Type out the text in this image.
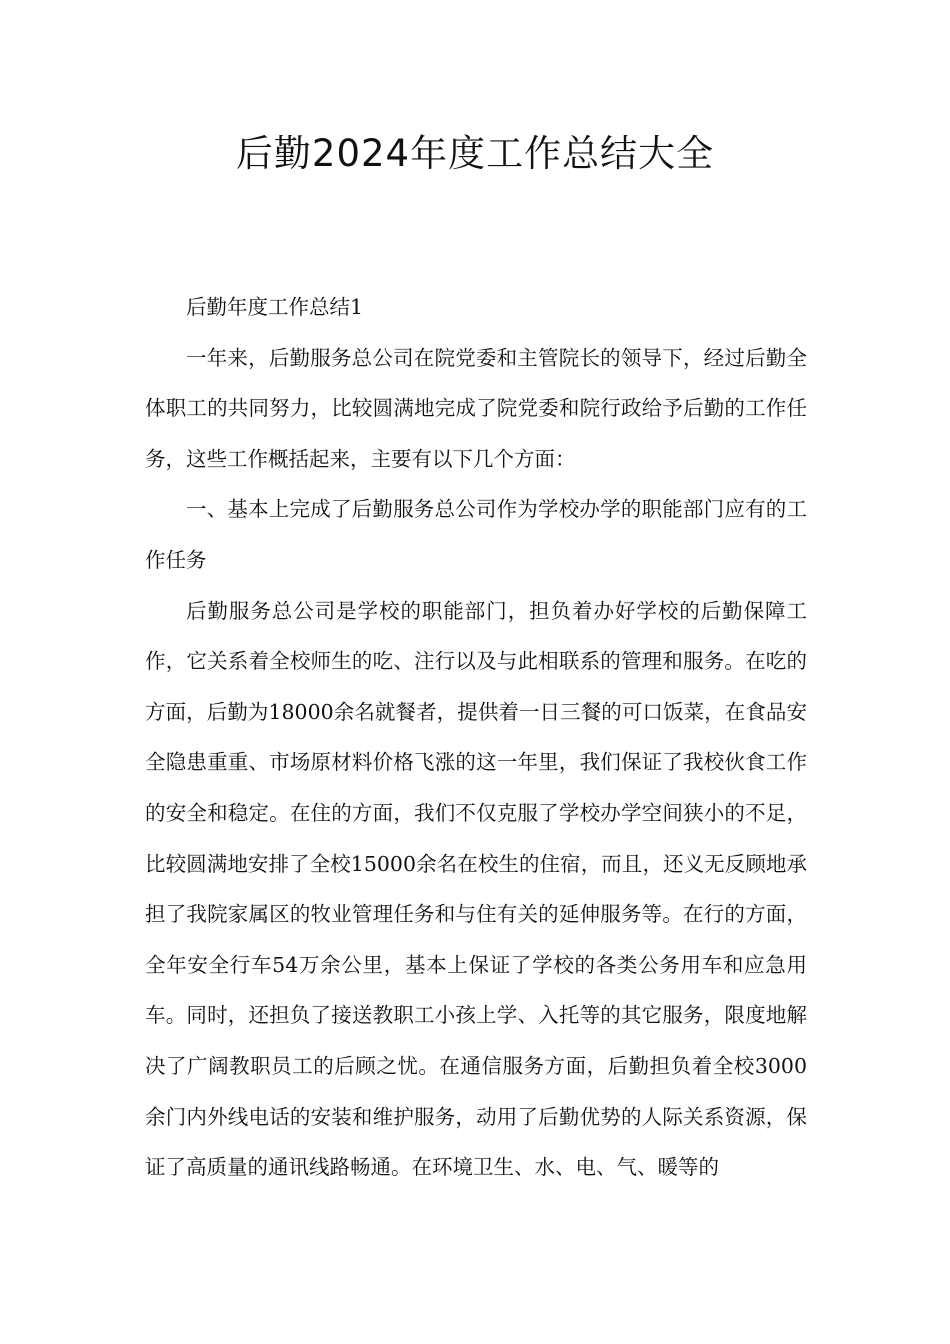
后勤2024年度工作总结大全

后勤年度工作总结1

一年来，后勤服务总公司在院党委和主管院长的领导下，经过后勤全体职工的共同努力，比较圆满地完成了院党委和院行政给予后勤的工作任务，这些工作概括起来，主要有以下几个方面：

一、基本上完成了后勤服务总公司作为学校办学的职能部门应有的工作任务

后勤服务总公司是学校的职能部门，担负着办好学校的后勤保障工作，它关系着全校师生的吃、注行以及与此相联系的管理和服务。在吃的方面，后勤为18000余名就餐者，提供着一日三餐的可口饭菜，在食品安全隐患重重、市场原材料价格飞涨的这一年里，我们保证了我校伙食工作的安全和稳定。在住的方面，我们不仅克服了学校办学空间狭小的不足，比较圆满地安排了全校15000余名在校生的住宿，而且，还义无反顾地承担了我院家属区的牧业管理任务和与住有关的延伸服务等。在行的方面，全年安全行车54万余公里，基本上保证了学校的各类公务用车和应急用车。同时，还担负了接送教职工小孩上学、入托等的其它服务，限度地解决了广阔教职员工的后顾之忧。在通信服务方面，后勤担负着全校3000余门内外线电话的安装和维护服务，动用了后勤优势的人际关系资源，保证了高质量的通讯线路畅通。在环境卫生、水、电、气、暖等的
